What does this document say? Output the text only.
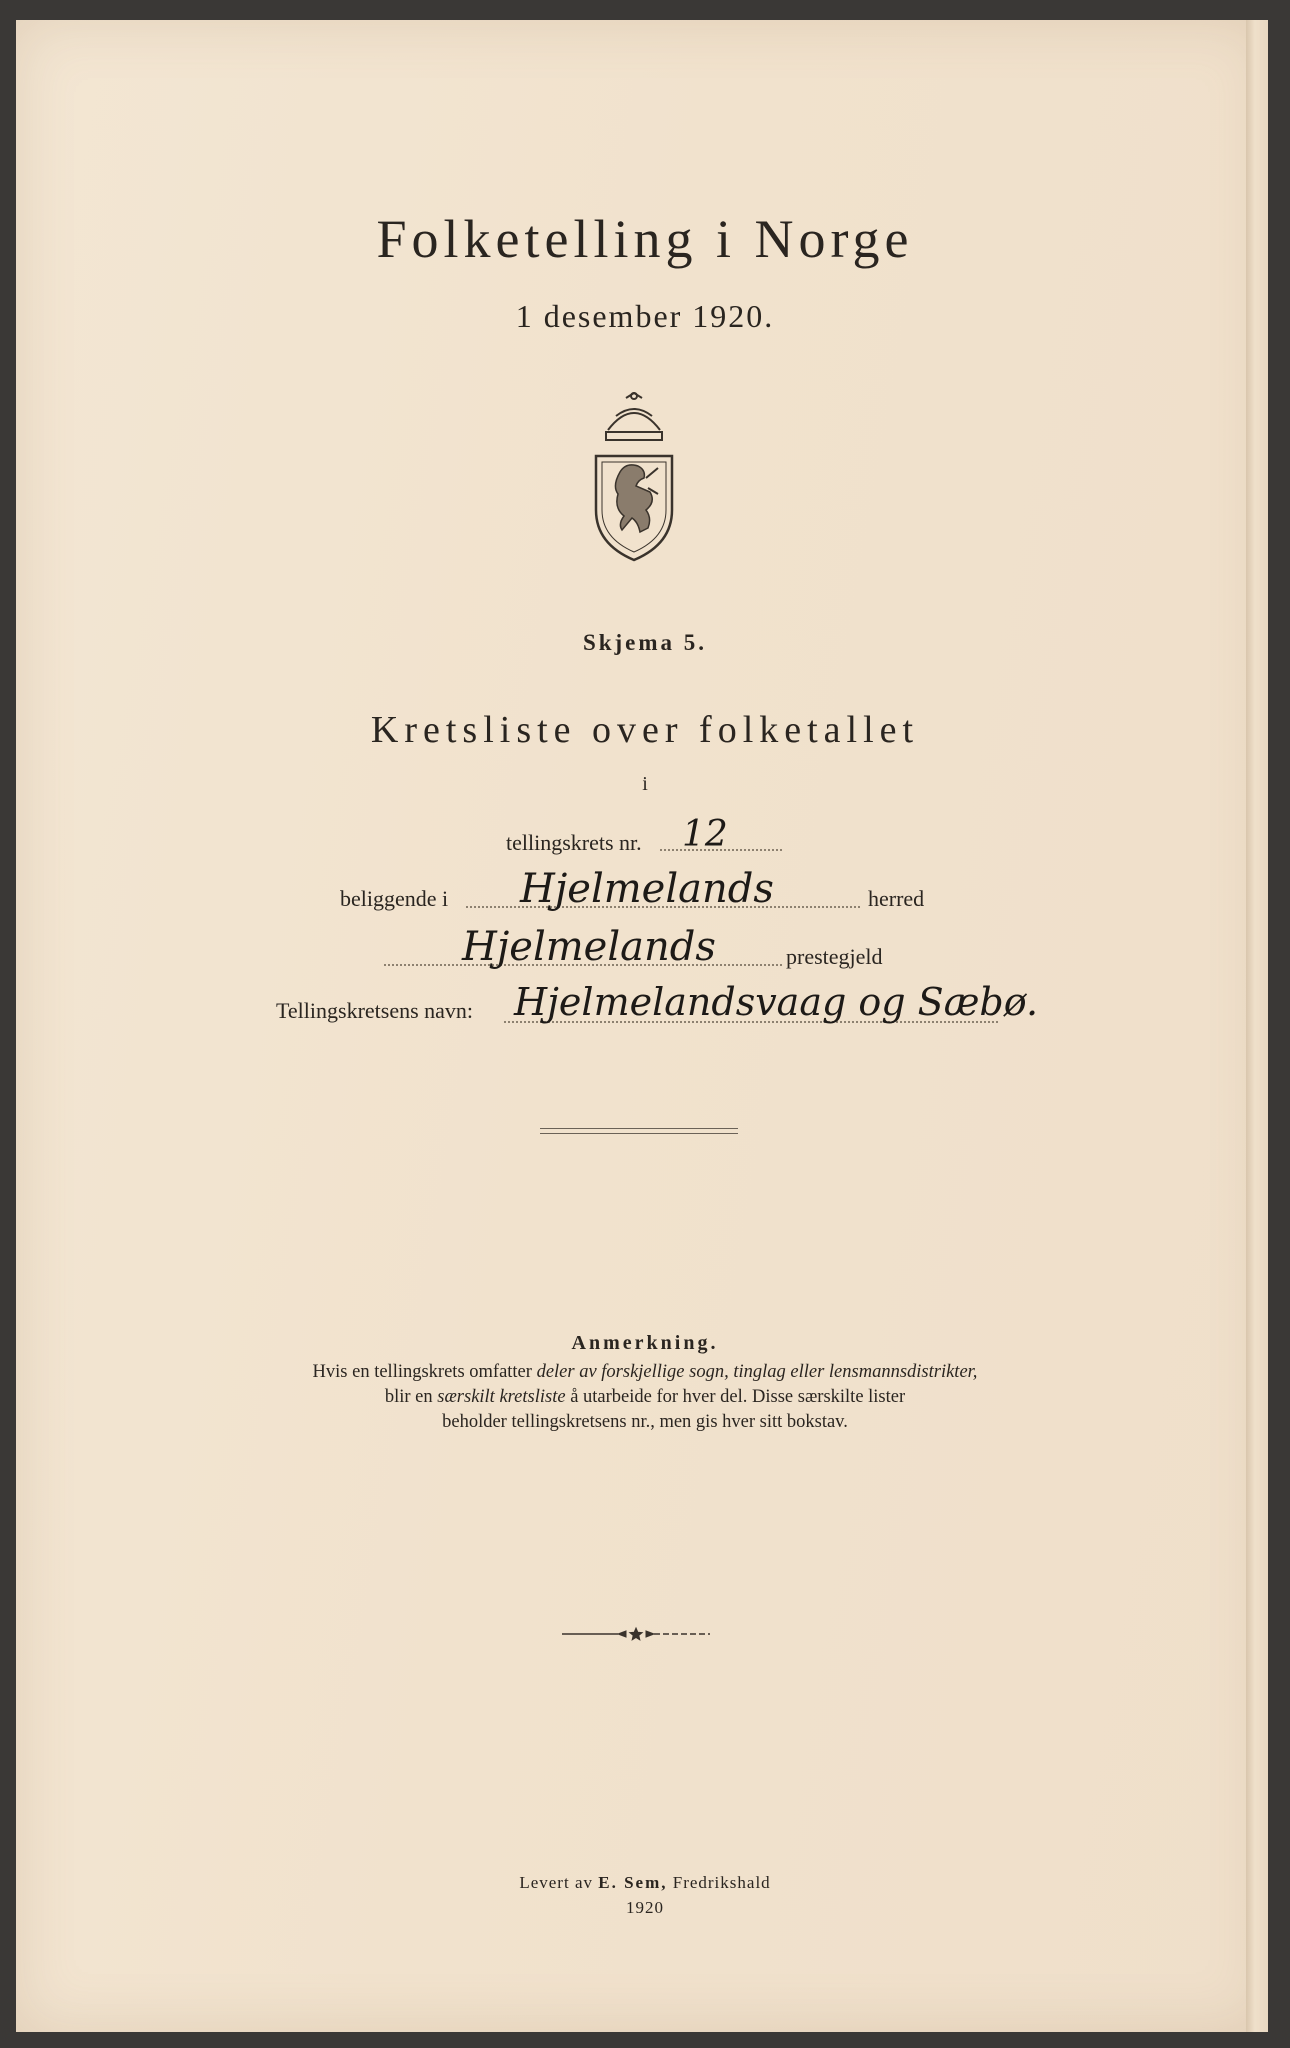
Folketelling i Norge
1 desember 1920.
Skjema 5.
Kretsliste over folketallet
i
tellingskrets nr. 12
beliggende i Hjelmelands	herred
Hjelmelands	prestegjeld
Tellingskretsens navn: Hjelmelandsvaag og Sæbø.
Anmerkning.
Hvis en tellingskrets omfatter deler av forskjellige sogn, tinglag eller lensmannsdistrikter,
blir en særskilt kretsliste å utarbeide for hver del. Disse særskilte lister
beholder tellingskretsens nr., men gis hver sitt bokstav.
Levert av E. Sem, Fredrikshald
1920
